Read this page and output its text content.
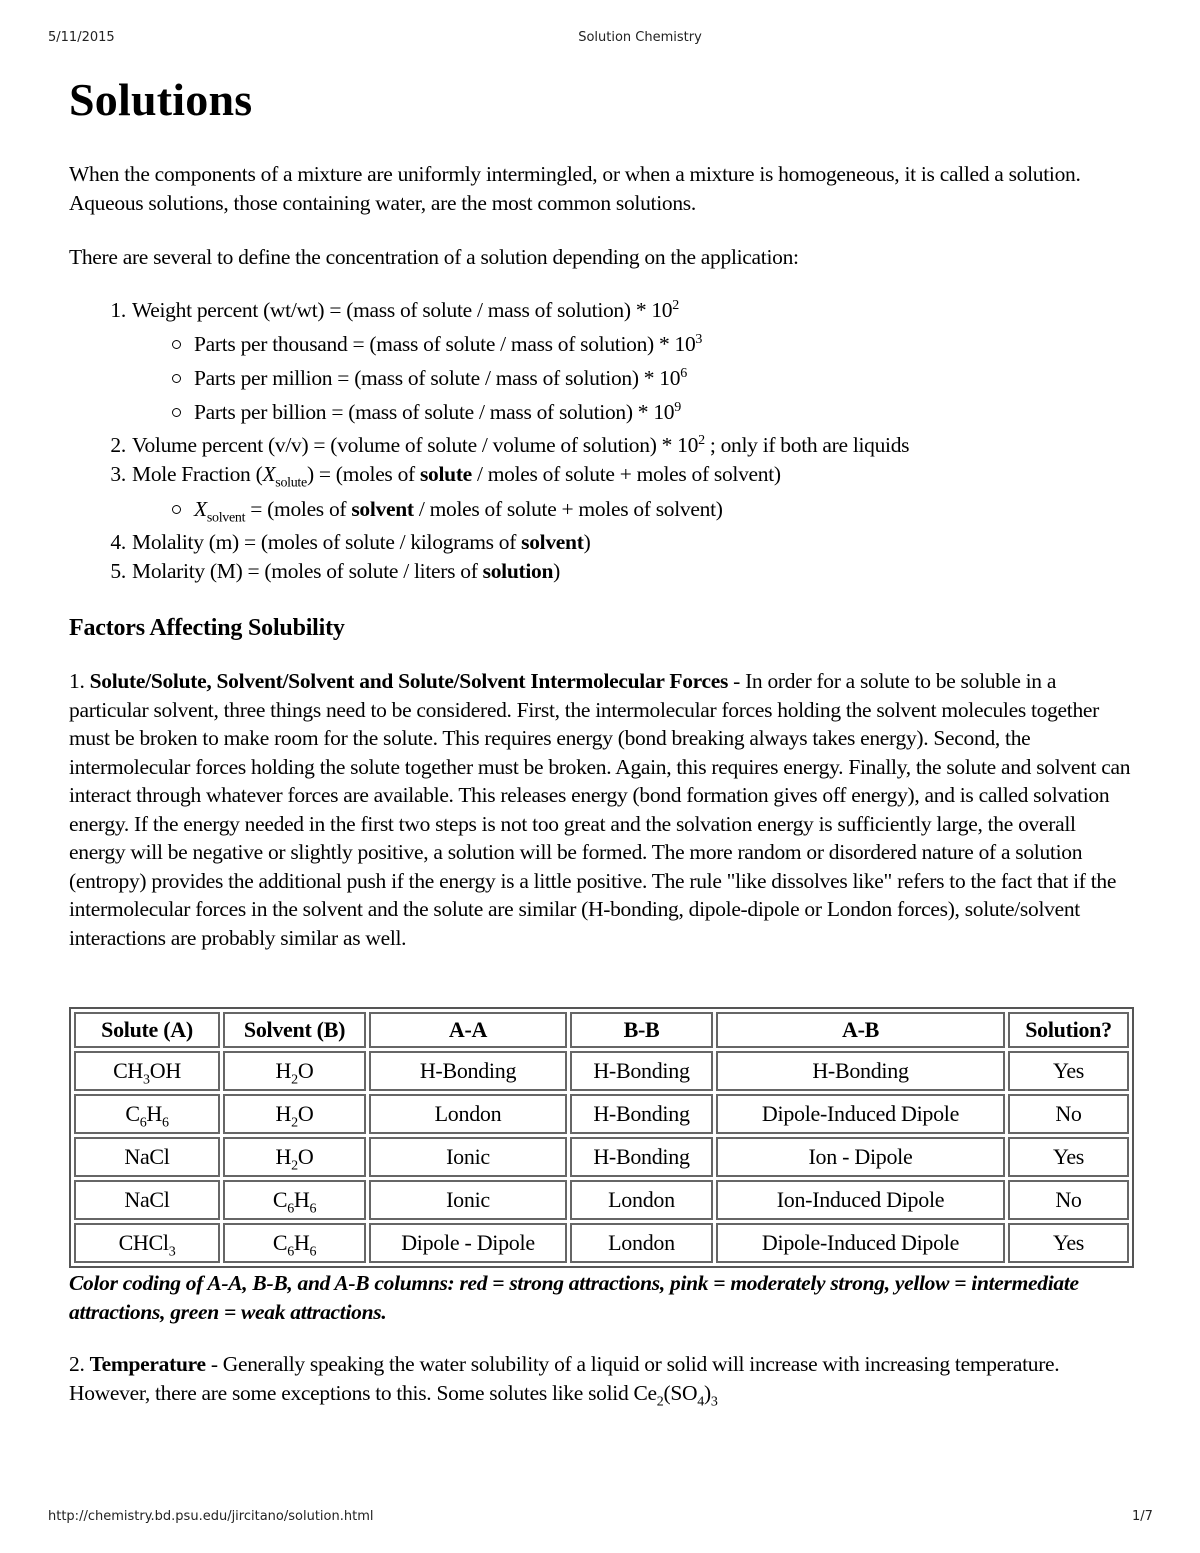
5/11/2015	Solution Chemistry
Solutions

When the components of a mixture are uniformly intermingled, or when a mixture is homogeneous, it is called a solution. Aqueous solutions, those containing water, are the most common solutions.

There are several to define the concentration of a solution depending on the application:

1. Weight percent (wt/wt) = (mass of solute / mass of solution) * $10^2$
Parts per thousand = (mass of solute / mass of solution) * $10^3$
Parts per million = (mass of solute / mass of solution) * $10^6$
Parts per billion = (mass of solute / mass of solution) * $10^9$
2. Volume percent (v/v) = (volume of solute / volume of solution) * $10^2$ ; only if both are liquids
3. Mole Fraction $(X_{solute})$ = (moles of solute / moles of solute + moles of solvent)
$X_{solvent}$ = (moles of solvent / moles of solute + moles of solvent)
4. Molality (m) = (moles of solute / kilograms of solvent)
5. Molarity (M) = (moles of solute / liters of solution)
Factors Affecting Solubility

1. Solute/Solute, Solvent/Solvent and Solute/Solvent Intermolecular Forces - In order for a solute to be soluble in a particular solvent, three things need to be considered. First, the intermolecular forces holding the solvent molecules together must be broken to make room for the solute. This requires energy (bond breaking always takes energy). Second, the intermolecular forces holding the solute together must be broken. Again, this requires energy. Finally, the solute and solvent can interact through whatever forces are available. This releases energy (bond formation gives off energy), and is called solvation energy. If the energy needed in the first two steps is not too great and the solvation energy is sufficiently large, the overall energy will be negative or slightly positive, a solution will be formed. The more random or disordered nature of a solution (entropy) provides the additional push if the energy is a little positive. The rule "like dissolves like" refers to the fact that if the intermolecular forces in the solvent and the solute are similar (H-bonding, dipole-dipole or London forces), solute/solvent interactions are probably similar as well.

Solute (A)	Solvent (B)	A-A	B-B	A-B	Solution?
$CH_3OH$	$H_2O$	H-Bonding	H-Bonding	H-Bonding	Yes
$C_6H_6$	$H_2O$	London	H-Bonding	Dipole-Induced Dipole	No
NaCl	$H_2O$	Ionic	H-Bonding	Ion - Dipole	Yes
NaCl	$C_6H_6$	Ionic	London	Ion-Induced Dipole	No
CHCl$_3$	$C_6H_6$	Dipole - Dipole	London	Dipole-Induced Dipole	Yes

Color coding of A-A, B-B, and A-B columns: red = strong attractions, pink = moderately strong, yellow = intermediate attractions, green = weak attractions.

2. Temperature - Generally speaking the water solubility of a liquid or solid will increase with increasing temperature. However, there are some exceptions to this. Some solutes like solid $Ce_2(SO_4)_3$

http://chemistry.bd.psu.edu/jircitano/solution.html	1/7
